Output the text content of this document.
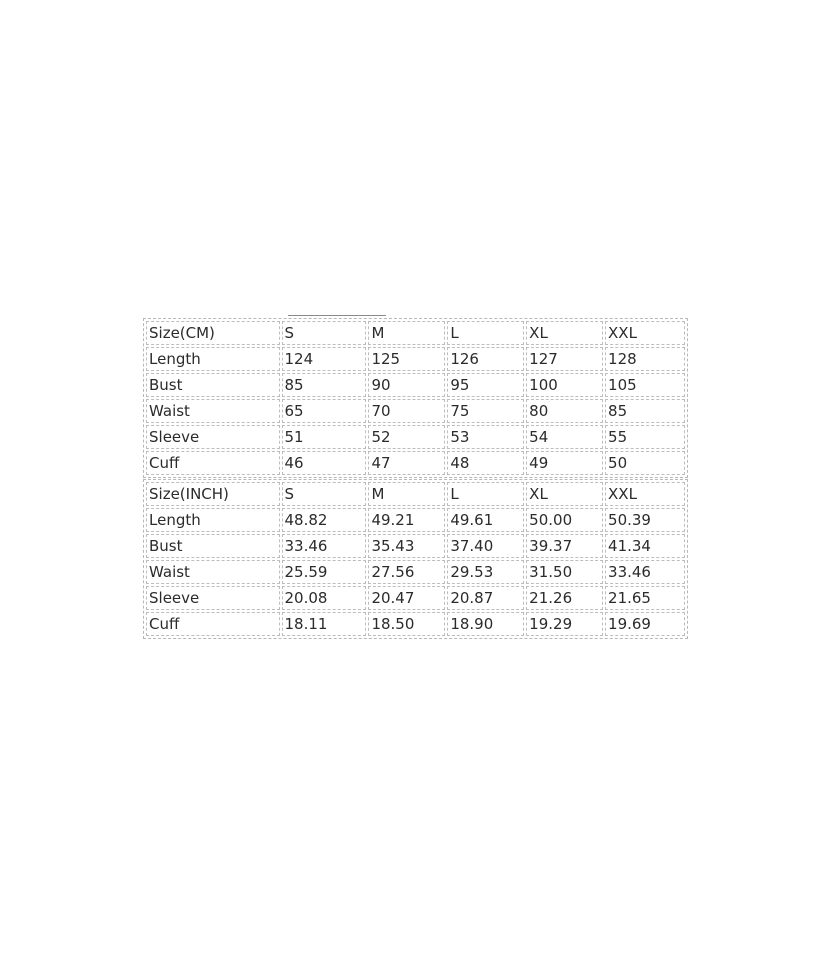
Size(CM)	S	M	L	XL	XXL
Length	124	125	126	127	128
Bust	85	90	95	100	105
Waist	65	70	75	80	85
Sleeve	51	52	53	54	55
Cuff	46	47	48	49	50
Size(INCH)	S	M	L	XL	XXL
Length	48.82	49.21	49.61	50.00	50.39
Bust	33.46	35.43	37.40	39.37	41.34
Waist	25.59	27.56	29.53	31.50	33.46
Sleeve	20.08	20.47	20.87	21.26	21.65
Cuff	18.11	18.50	18.90	19.29	19.69
